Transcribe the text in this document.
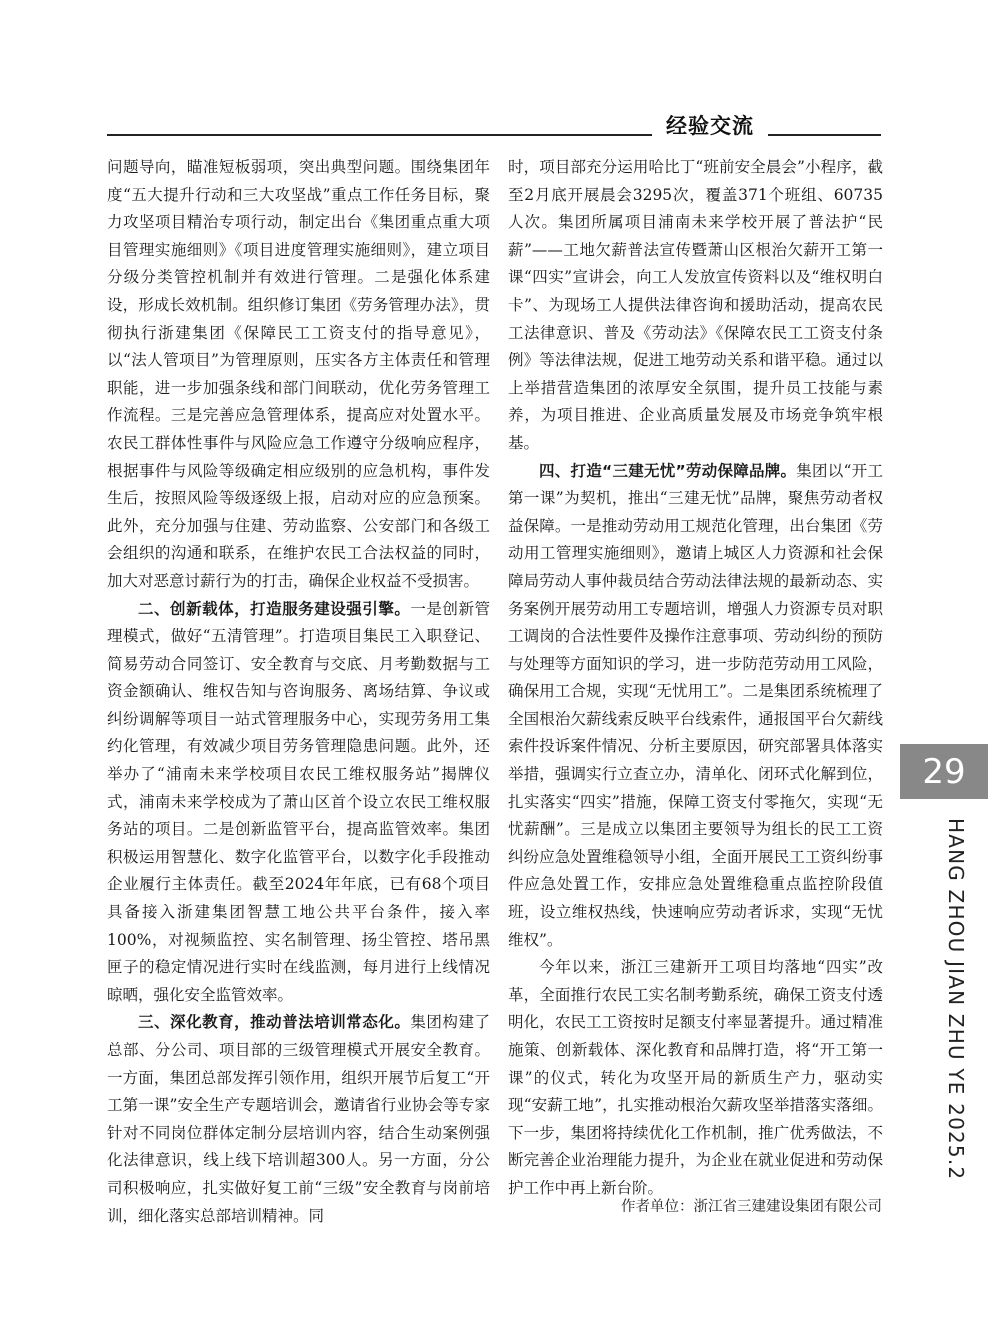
经验交流

问题导向，瞄准短板弱项，突出典型问题。围绕集团年度“五大提升行动和三大攻坚战”重点工作任务目标，聚力攻坚项目精治专项行动，制定出台《集团重点重大项目管理实施细则》《项目进度管理实施细则》，建立项目分级分类管控机制并有效进行管理。二是强化体系建设，形成长效机制。组织修订集团《劳务管理办法》，贯彻执行浙建集团《保障民工工资支付的指导意见》，以“法人管项目”为管理原则，压实各方主体责任和管理职能，进一步加强条线和部门间联动，优化劳务管理工作流程。三是完善应急管理体系，提高应对处置水平。农民工群体性事件与风险应急工作遵守分级响应程序，根据事件与风险等级确定相应级别的应急机构，事件发生后，按照风险等级逐级上报，启动对应的应急预案。此外，充分加强与住建、劳动监察、公安部门和各级工会组织的沟通和联系，在维护农民工合法权益的同时，加大对恶意讨薪行为的打击，确保企业权益不受损害。

二、创新载体，打造服务建设强引擎。一是创新管理模式，做好“五清管理”。打造项目集民工入职登记、简易劳动合同签订、安全教育与交底、月考勤数据与工资金额确认、维权告知与咨询服务、离场结算、争议或纠纷调解等项目一站式管理服务中心，实现劳务用工集约化管理，有效减少项目劳务管理隐患问题。此外，还举办了“浦南未来学校项目农民工维权服务站”揭牌仪式，浦南未来学校成为了萧山区首个设立农民工维权服务站的项目。二是创新监管平台，提高监管效率。集团积极运用智慧化、数字化监管平台，以数字化手段推动企业履行主体责任。截至2024年年底，已有68个项目具备接入浙建集团智慧工地公共平台条件，接入率100%，对视频监控、实名制管理、扬尘管控、塔吊黑匣子的稳定情况进行实时在线监测，每月进行上线情况晾晒，强化安全监管效率。

三、深化教育，推动普法培训常态化。集团构建了总部、分公司、项目部的三级管理模式开展安全教育。一方面，集团总部发挥引领作用，组织开展节后复工“开工第一课”安全生产专题培训会，邀请省行业协会等专家针对不同岗位群体定制分层培训内容，结合生动案例强化法律意识，线上线下培训超300人。另一方面，分公司积极响应，扎实做好复工前“三级”安全教育与岗前培训，细化落实总部培训精神。同

时，项目部充分运用哈比丁“班前安全晨会”小程序，截至2月底开展晨会3295次，覆盖371个班组、60735人次。集团所属项目浦南未来学校开展了普法护“民薪”——工地欠薪普法宣传暨萧山区根治欠薪开工第一课“四实”宣讲会，向工人发放宣传资料以及“维权明白卡”、为现场工人提供法律咨询和援助活动，提高农民工法律意识、普及《劳动法》《保障农民工工资支付条例》等法律法规，促进工地劳动关系和谐平稳。通过以上举措营造集团的浓厚安全氛围，提升员工技能与素养，为项目推进、企业高质量发展及市场竞争筑牢根基。

四、打造“三建无忧”劳动保障品牌。集团以“开工第一课”为契机，推出“三建无忧”品牌，聚焦劳动者权益保障。一是推动劳动用工规范化管理，出台集团《劳动用工管理实施细则》，邀请上城区人力资源和社会保障局劳动人事仲裁员结合劳动法律法规的最新动态、实务案例开展劳动用工专题培训，增强人力资源专员对职工调岗的合法性要件及操作注意事项、劳动纠纷的预防与处理等方面知识的学习，进一步防范劳动用工风险，确保用工合规，实现“无忧用工”。二是集团系统梳理了全国根治欠薪线索反映平台线索件，通报国平台欠薪线索件投诉案件情况、分析主要原因，研究部署具体落实举措，强调实行立查立办，清单化、闭环式化解到位，扎实落实“四实”措施，保障工资支付零拖欠，实现“无忧薪酬”。三是成立以集团主要领导为组长的民工工资纠纷应急处置维稳领导小组，全面开展民工工资纠纷事件应急处置工作，安排应急处置维稳重点监控阶段值班，设立维权热线，快速响应劳动者诉求，实现“无忧维权”。

今年以来，浙江三建新开工项目均落地“四实”改革，全面推行农民工实名制考勤系统，确保工资支付透明化，农民工工资按时足额支付率显著提升。通过精准施策、创新载体、深化教育和品牌打造，将“开工第一课”的仪式，转化为攻坚开局的新质生产力，驱动实现“安薪工地”，扎实推动根治欠薪攻坚举措落实落细。下一步，集团将持续优化工作机制，推广优秀做法，不断完善企业治理能力提升，为企业在就业促进和劳动保护工作中再上新台阶。

作者单位：浙江省三建建设集团有限公司
29
HANG ZHOU JIAN ZHU YE 2025.2
